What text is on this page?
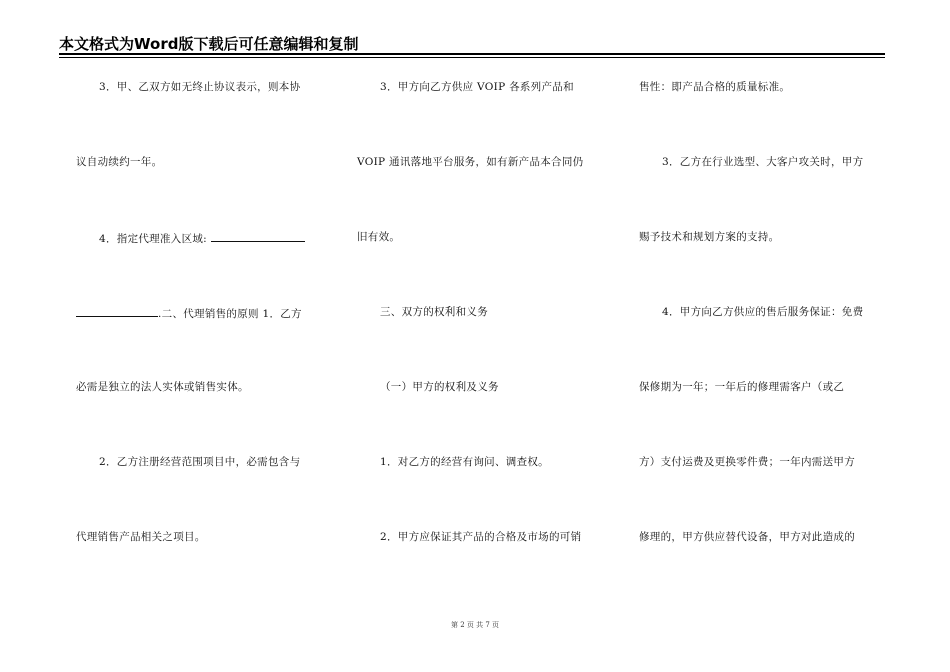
本文格式为Word版下载后可任意编辑和复制
3．甲、乙双方如无终止协议表示，则本协
议自动续约一年。
4．指定代理准入区域:
.二、代理销售的原则 1．乙方
必需是独立的法人实体或销售实体。
2．乙方注册经营范围项目中，必需包含与
代理销售产品相关之项目。
3．甲方向乙方供应 VOIP 各系列产品和
VOIP 通讯落地平台服务，如有新产品本合同仍
旧有效。
三、双方的权利和义务
（一）甲方的权利及义务
1．对乙方的经营有询问、调查权。
2．甲方应保证其产品的合格及市场的可销
售性：即产品合格的质量标准。
3．乙方在行业选型、大客户攻关时，甲方
赐予技术和规划方案的支持。
4．甲方向乙方供应的售后服务保证：免费
保修期为一年；一年后的修理需客户（或乙
方）支付运费及更换零件费；一年内需送甲方
修理的，甲方供应替代设备，甲方对此造成的
第 2 页 共 7 页
